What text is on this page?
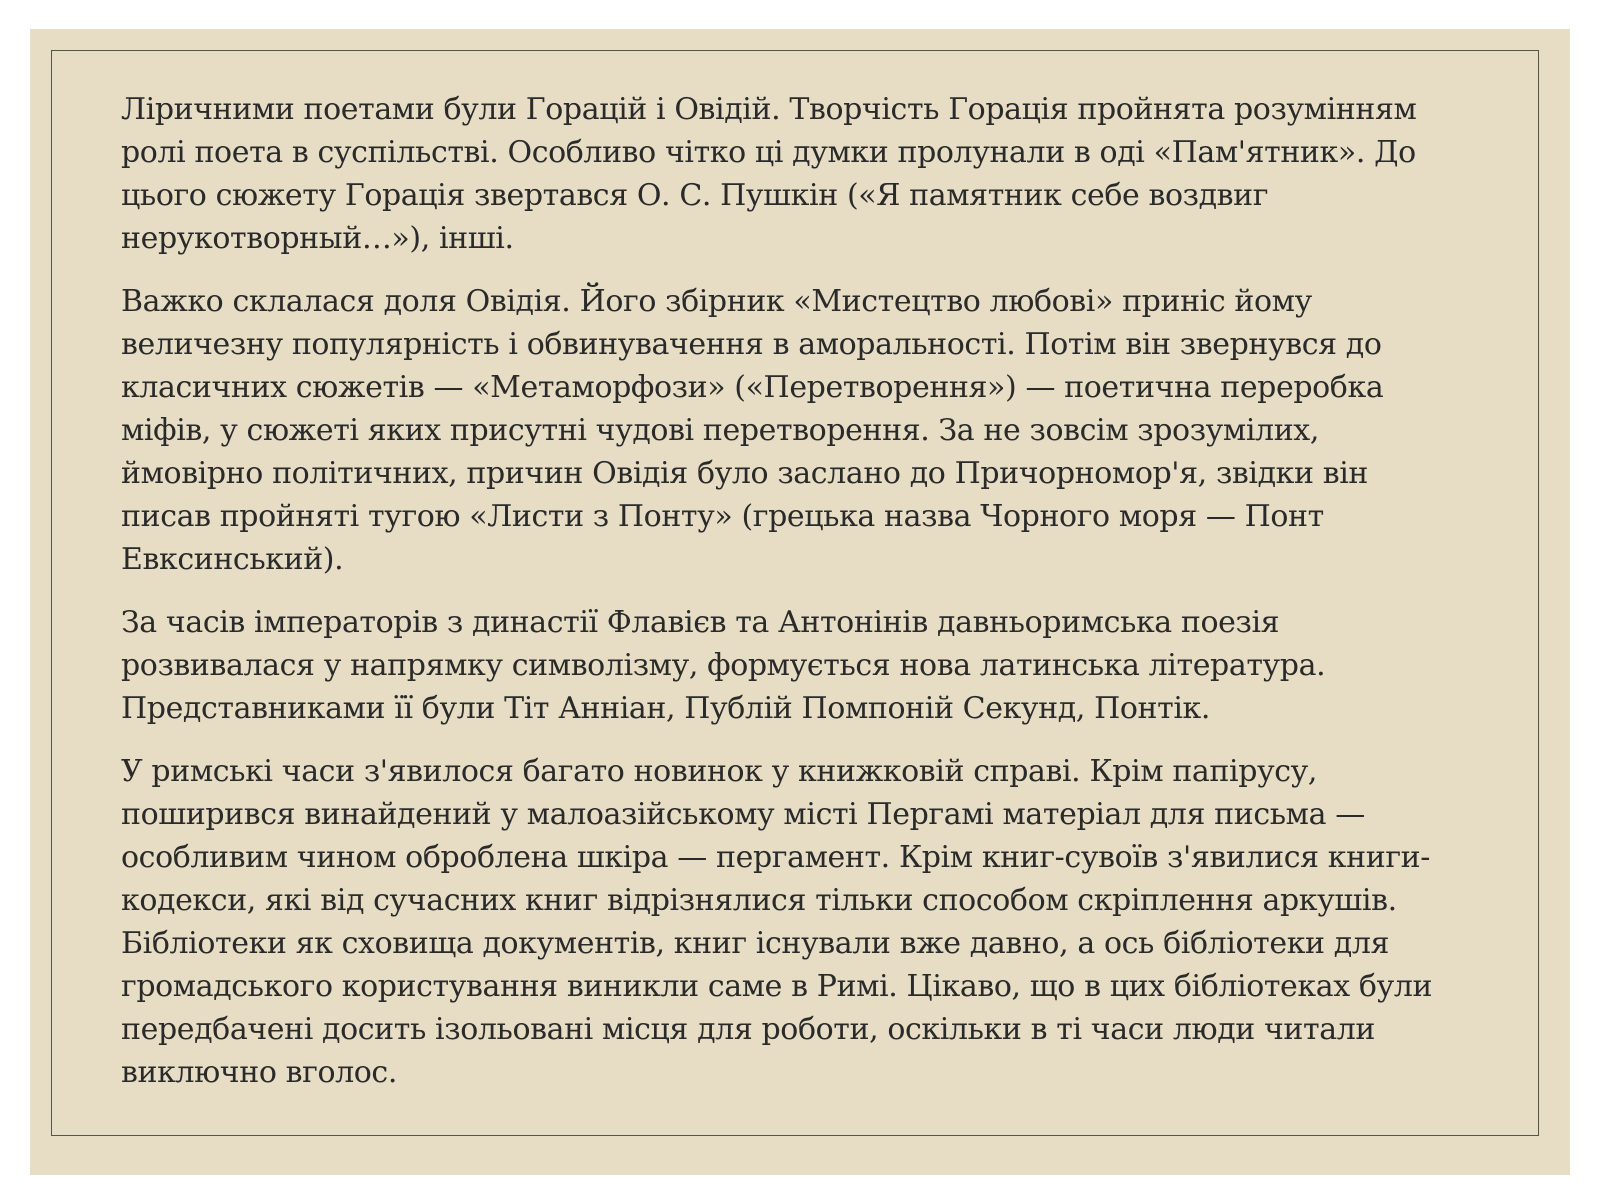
Ліричними поетами були Горацій і Овідій. Творчість Горація пройнята розумінням ролі поета в суспільстві. Особливо чітко ці думки пролунали в оді «Пам'ятник». До цього сюжету Горація звертався О. С. Пушкін («Я памятник себе воздвиг нерукотворный…»), інші.

Важко склалася доля Овідія. Його збірник «Мистецтво любові» приніс йому величезну популярність і обвинувачення в аморальності. Потім він звернувся до класичних сюжетів — «Метаморфози» («Перетворення») — поетична переробка міфів, у сюжеті яких присутні чудові перетворення. За не зовсім зрозумілих, ймовірно політичних, причин Овідія було заслано до Причорномор'я, звідки він писав пройняті тугою «Листи з Понту» (грецька назва Чорного моря — Понт Евксинський).

За часів імператорів з династії Флавієв та Антонінів давньоримська поезія розвивалася у напрямку символізму, формується нова латинська література. Представниками її були Тіт Анніан, Публій Помпоній Секунд, Понтік.

У римські часи з'явилося багато новинок у книжковій справі. Крім папірусу, поширився винайдений у малоазійському місті Пергамі матеріал для письма — особливим чином оброблена шкіра — пергамент. Крім книг-сувоїв з'явилися книги-кодекси, які від сучасних книг відрізнялися тільки способом скріплення аркушів. Бібліотеки як сховища документів, книг існували вже давно, а ось бібліотеки для громадського користування виникли саме в Римі. Цікаво, що в цих бібліотеках були передбачені досить ізольовані місця для роботи, оскільки в ті часи люди читали виключно вголос.
